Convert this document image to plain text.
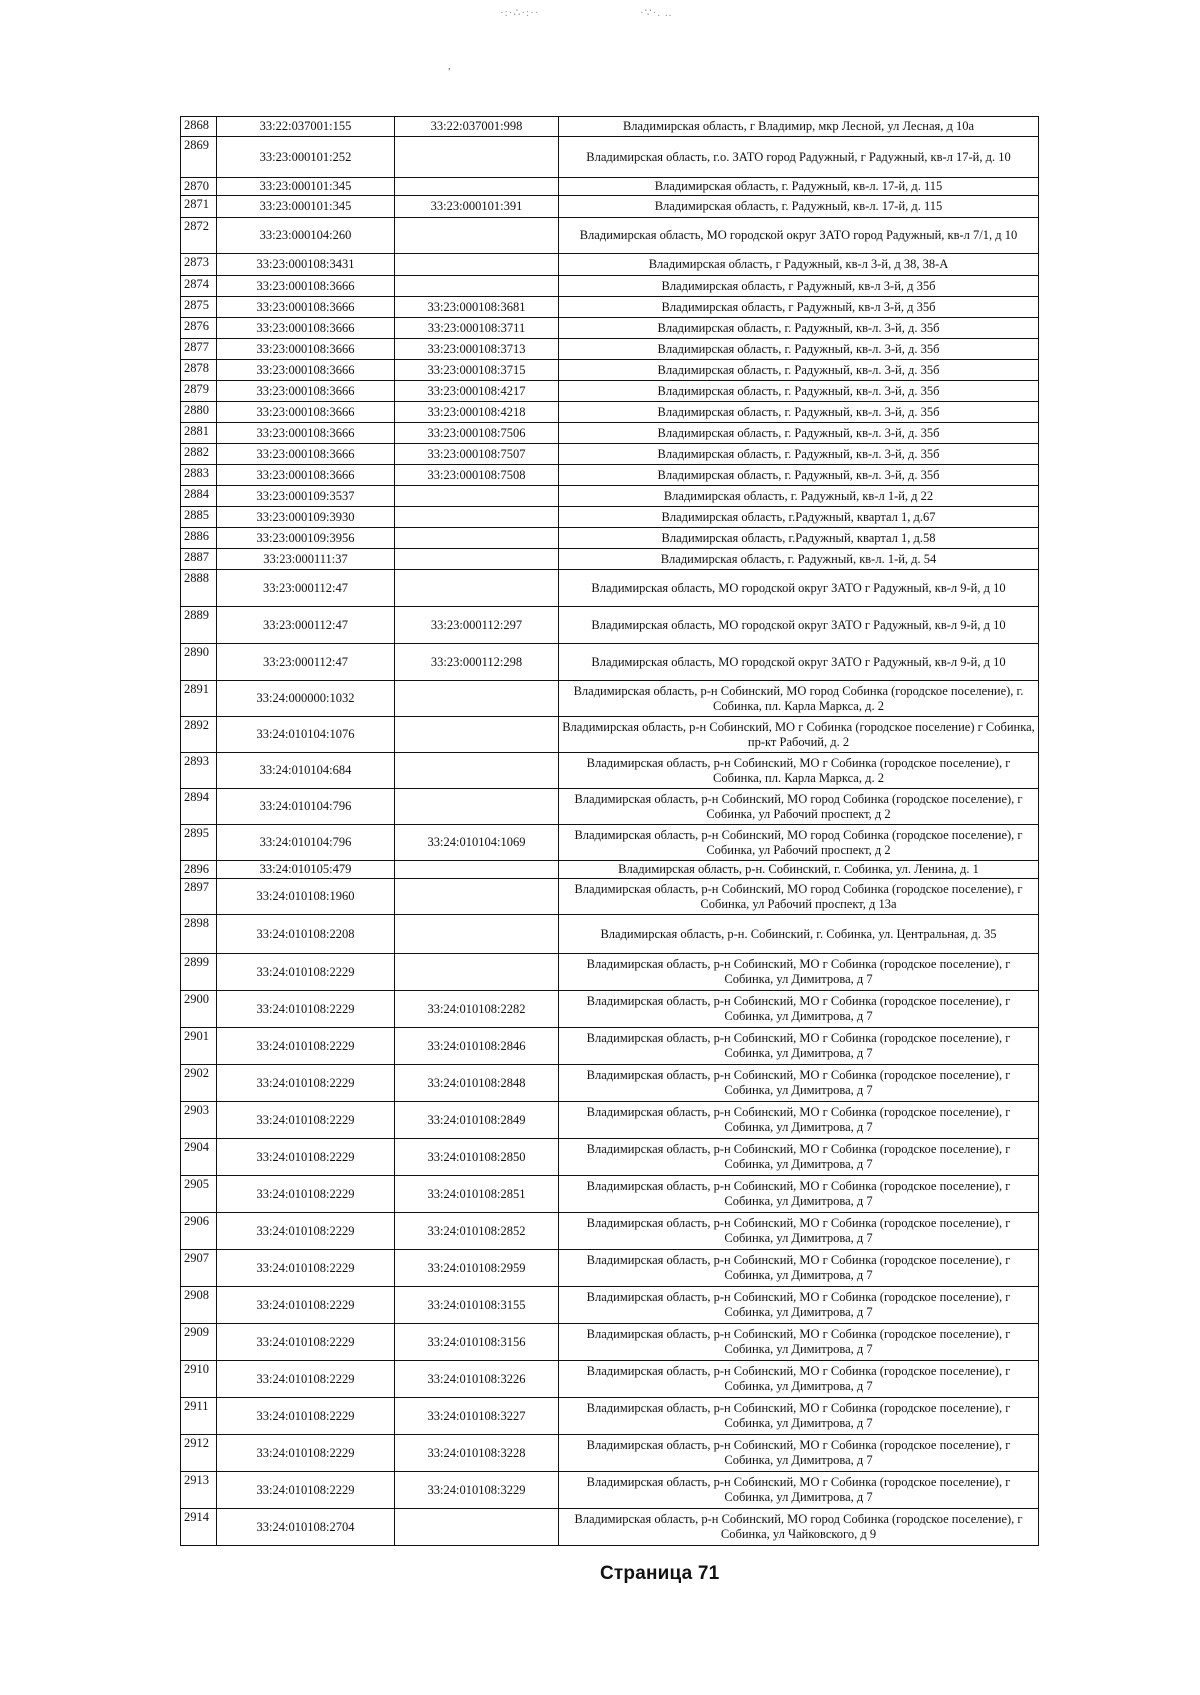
·:·∴·:··	·∵·. ..
,
2868	33:22:037001:155	33:22:037001:998	Владимирская область, г Владимир, мкр Лесной, ул Лесная, д 10а
2869	33:23:000101:252		Владимирская область, г.о. ЗАТО город Радужный, г Радужный, кв-л 17-й, д. 10
2870	33:23:000101:345		Владимирская область, г. Радужный, кв-л. 17-й, д. 115
2871	33:23:000101:345	33:23:000101:391	Владимирская область, г. Радужный, кв-л. 17-й, д. 115
2872	33:23:000104:260		Владимирская область, МО городской округ ЗАТО город Радужный, кв-л 7/1, д 10
2873	33:23:000108:3431		Владимирская область, г Радужный, кв-л 3-й, д 38, 38-А
2874	33:23:000108:3666		Владимирская область, г Радужный, кв-л 3-й, д 35б
2875	33:23:000108:3666	33:23:000108:3681	Владимирская область, г Радужный, кв-л 3-й, д 35б
2876	33:23:000108:3666	33:23:000108:3711	Владимирская область, г. Радужный, кв-л. 3-й, д. 35б
2877	33:23:000108:3666	33:23:000108:3713	Владимирская область, г. Радужный, кв-л. 3-й, д. 35б
2878	33:23:000108:3666	33:23:000108:3715	Владимирская область, г. Радужный, кв-л. 3-й, д. 35б
2879	33:23:000108:3666	33:23:000108:4217	Владимирская область, г. Радужный, кв-л. 3-й, д. 35б
2880	33:23:000108:3666	33:23:000108:4218	Владимирская область, г. Радужный, кв-л. 3-й, д. 35б
2881	33:23:000108:3666	33:23:000108:7506	Владимирская область, г. Радужный, кв-л. 3-й, д. 35б
2882	33:23:000108:3666	33:23:000108:7507	Владимирская область, г. Радужный, кв-л. 3-й, д. 35б
2883	33:23:000108:3666	33:23:000108:7508	Владимирская область, г. Радужный, кв-л. 3-й, д. 35б
2884	33:23:000109:3537		Владимирская область, г. Радужный, кв-л 1-й, д 22
2885	33:23:000109:3930		Владимирская область, г.Радужный, квартал 1, д.67
2886	33:23:000109:3956		Владимирская область, г.Радужный, квартал 1, д.58
2887	33:23:000111:37		Владимирская область, г. Радужный, кв-л. 1-й, д. 54
2888	33:23:000112:47		Владимирская область, МО городской округ ЗАТО г Радужный, кв-л 9-й, д 10
2889	33:23:000112:47	33:23:000112:297	Владимирская область, МО городской округ ЗАТО г Радужный, кв-л 9-й, д 10
2890	33:23:000112:47	33:23:000112:298	Владимирская область, МО городской округ ЗАТО г Радужный, кв-л 9-й, д 10
2891	33:24:000000:1032		Владимирская область, р-н Собинский, МО город Собинка (городское поселение), г. Собинка, пл. Карла Маркса, д. 2
2892	33:24:010104:1076		Владимирская область, р-н Собинский, МО г Собинка (городское поселение) г Собинка, пр-кт Рабочий, д. 2
2893	33:24:010104:684		Владимирская область, р-н Собинский, МО г Собинка (городское поселение), г Собинка, пл. Карла Маркса, д. 2
2894	33:24:010104:796		Владимирская область, р-н Собинский, МО город Собинка (городское поселение), г Собинка, ул Рабочий проспект, д 2
2895	33:24:010104:796	33:24:010104:1069	Владимирская область, р-н Собинский, МО город Собинка (городское поселение), г Собинка, ул Рабочий проспект, д 2
2896	33:24:010105:479		Владимирская область, р-н. Собинский, г. Собинка, ул. Ленина, д. 1
2897	33:24:010108:1960		Владимирская область, р-н Собинский, МО город Собинка (городское поселение), г Собинка, ул Рабочий проспект, д 13а
2898	33:24:010108:2208		Владимирская область, р-н. Собинский, г. Собинка, ул. Центральная, д. 35
2899	33:24:010108:2229		Владимирская область, р-н Собинский, МО г Собинка (городское поселение), г Собинка, ул Димитрова, д 7
2900	33:24:010108:2229	33:24:010108:2282	Владимирская область, р-н Собинский, МО г Собинка (городское поселение), г Собинка, ул Димитрова, д 7
2901	33:24:010108:2229	33:24:010108:2846	Владимирская область, р-н Собинский, МО г Собинка (городское поселение), г Собинка, ул Димитрова, д 7
2902	33:24:010108:2229	33:24:010108:2848	Владимирская область, р-н Собинский, МО г Собинка (городское поселение), г Собинка, ул Димитрова, д 7
2903	33:24:010108:2229	33:24:010108:2849	Владимирская область, р-н Собинский, МО г Собинка (городское поселение), г Собинка, ул Димитрова, д 7
2904	33:24:010108:2229	33:24:010108:2850	Владимирская область, р-н Собинский, МО г Собинка (городское поселение), г Собинка, ул Димитрова, д 7
2905	33:24:010108:2229	33:24:010108:2851	Владимирская область, р-н Собинский, МО г Собинка (городское поселение), г Собинка, ул Димитрова, д 7
2906	33:24:010108:2229	33:24:010108:2852	Владимирская область, р-н Собинский, МО г Собинка (городское поселение), г Собинка, ул Димитрова, д 7
2907	33:24:010108:2229	33:24:010108:2959	Владимирская область, р-н Собинский, МО г Собинка (городское поселение), г Собинка, ул Димитрова, д 7
2908	33:24:010108:2229	33:24:010108:3155	Владимирская область, р-н Собинский, МО г Собинка (городское поселение), г Собинка, ул Димитрова, д 7
2909	33:24:010108:2229	33:24:010108:3156	Владимирская область, р-н Собинский, МО г Собинка (городское поселение), г Собинка, ул Димитрова, д 7
2910	33:24:010108:2229	33:24:010108:3226	Владимирская область, р-н Собинский, МО г Собинка (городское поселение), г Собинка, ул Димитрова, д 7
2911	33:24:010108:2229	33:24:010108:3227	Владимирская область, р-н Собинский, МО г Собинка (городское поселение), г Собинка, ул Димитрова, д 7
2912	33:24:010108:2229	33:24:010108:3228	Владимирская область, р-н Собинский, МО г Собинка (городское поселение), г Собинка, ул Димитрова, д 7
2913	33:24:010108:2229	33:24:010108:3229	Владимирская область, р-н Собинский, МО г Собинка (городское поселение), г Собинка, ул Димитрова, д 7
2914	33:24:010108:2704		Владимирская область, р-н Собинский, МО город Собинка (городское поселение), г Собинка, ул Чайковского, д 9
Страница 71
